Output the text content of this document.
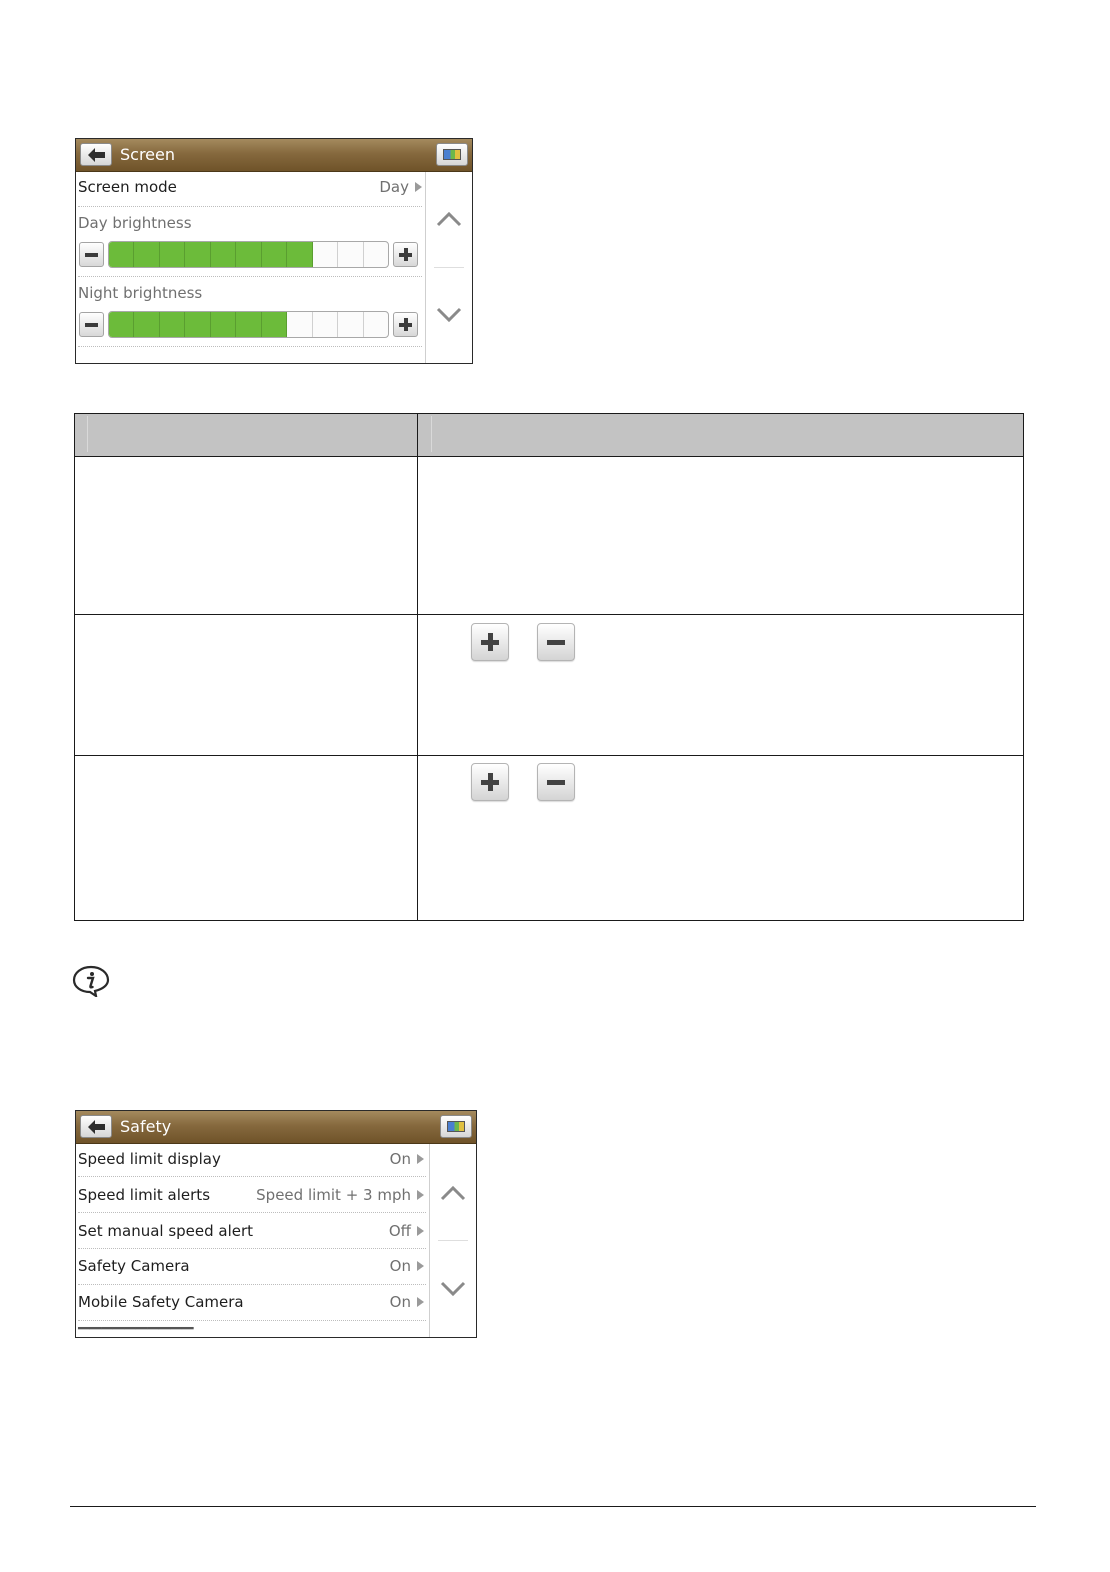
Screen
Screen mode	Day
Day brightness
Night brightness
Safety
Speed limit display	On
Speed limit alerts	Speed limit + 3 mph
Set manual speed alert	Off
Safety Camera	On
Mobile Safety Camera	On
▔▔▔▔▔▔▔▔▔▔
